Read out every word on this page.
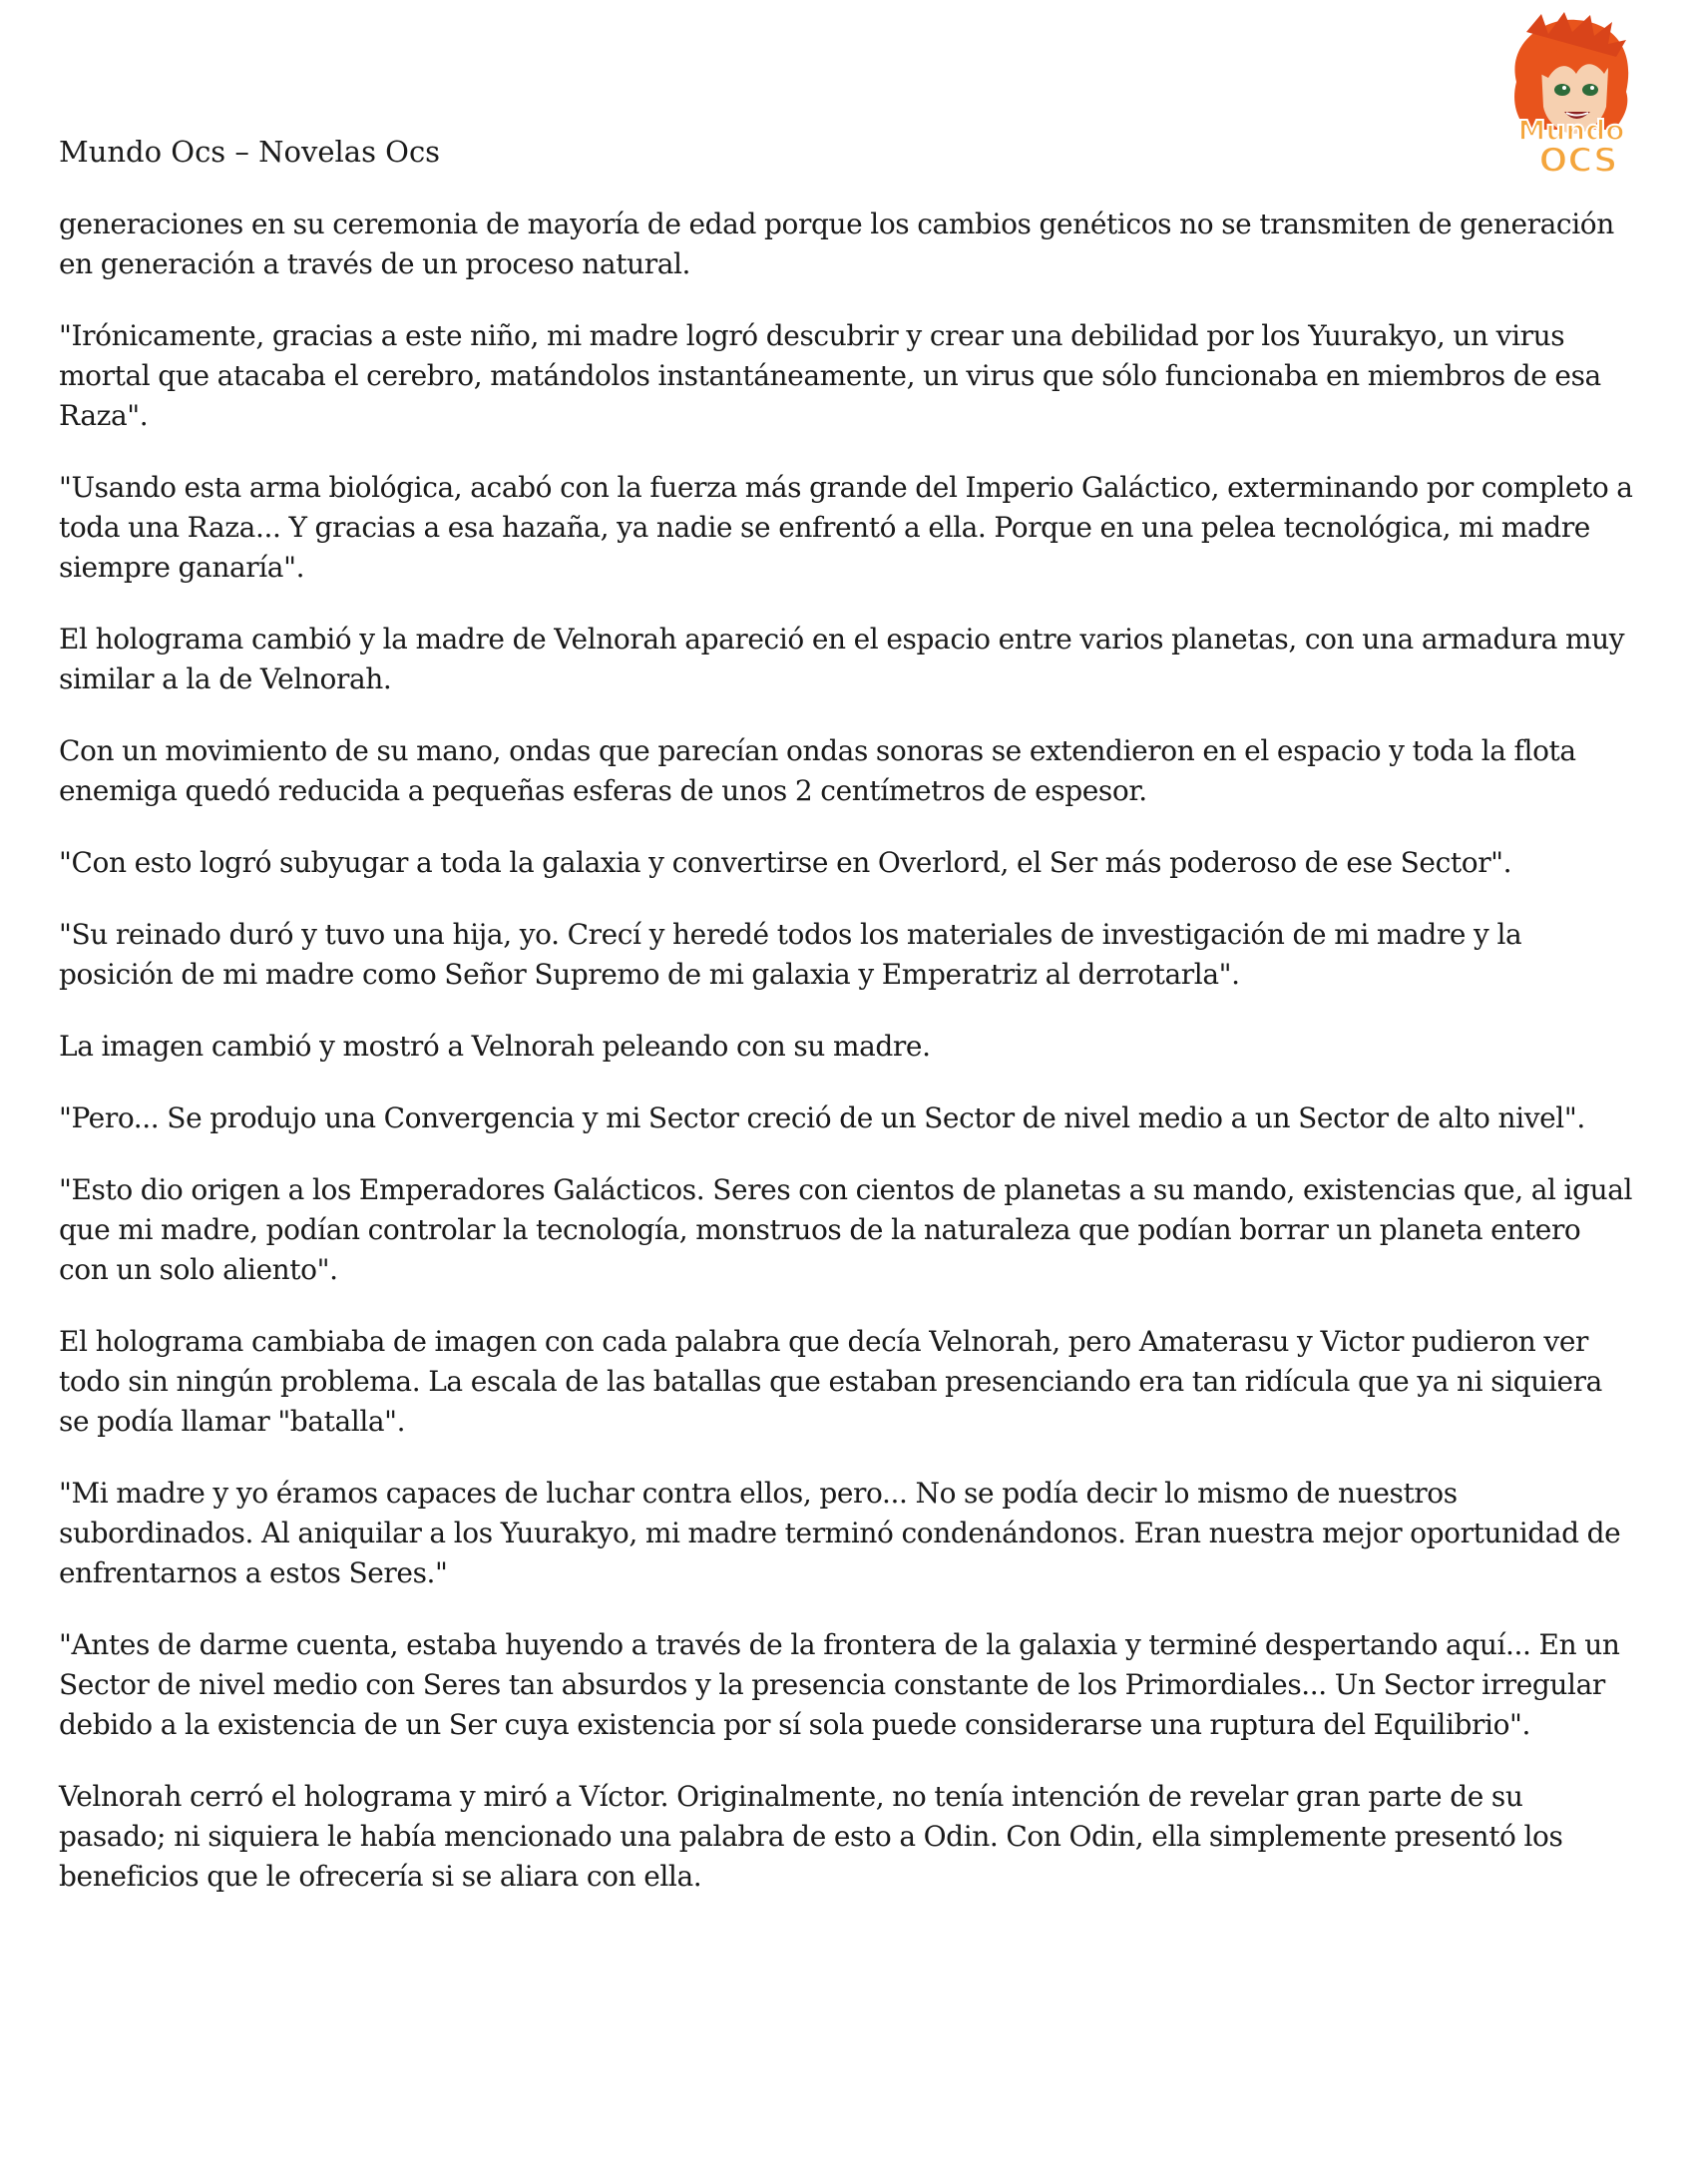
Mundo Ocs – Novelas Ocs
Mundo
OCS

generaciones en su ceremonia de mayoría de edad porque los cambios genéticos no se transmiten de generación en generación a través de un proceso natural.

"Irónicamente, gracias a este niño, mi madre logró descubrir y crear una debilidad por los Yuurakyo, un virus mortal que atacaba el cerebro, matándolos instantáneamente, un virus que sólo funcionaba en miembros de esa Raza".

"Usando esta arma biológica, acabó con la fuerza más grande del Imperio Galáctico, exterminando por completo a toda una Raza... Y gracias a esa hazaña, ya nadie se enfrentó a ella. Porque en una pelea tecnológica, mi madre siempre ganaría".

El holograma cambió y la madre de Velnorah apareció en el espacio entre varios planetas, con una armadura muy similar a la de Velnorah.

Con un movimiento de su mano, ondas que parecían ondas sonoras se extendieron en el espacio y toda la flota enemiga quedó reducida a pequeñas esferas de unos 2 centímetros de espesor.

"Con esto logró subyugar a toda la galaxia y convertirse en Overlord, el Ser más poderoso de ese Sector".

"Su reinado duró y tuvo una hija, yo. Crecí y heredé todos los materiales de investigación de mi madre y la posición de mi madre como Señor Supremo de mi galaxia y Emperatriz al derrotarla".

La imagen cambió y mostró a Velnorah peleando con su madre.

"Pero... Se produjo una Convergencia y mi Sector creció de un Sector de nivel medio a un Sector de alto nivel".

"Esto dio origen a los Emperadores Galácticos. Seres con cientos de planetas a su mando, existencias que, al igual que mi madre, podían controlar la tecnología, monstruos de la naturaleza que podían borrar un planeta entero con un solo aliento".

El holograma cambiaba de imagen con cada palabra que decía Velnorah, pero Amaterasu y Victor pudieron ver todo sin ningún problema. La escala de las batallas que estaban presenciando era tan ridícula que ya ni siquiera se podía llamar "batalla".

"Mi madre y yo éramos capaces de luchar contra ellos, pero... No se podía decir lo mismo de nuestros subordinados. Al aniquilar a los Yuurakyo, mi madre terminó condenándonos. Eran nuestra mejor oportunidad de enfrentarnos a estos Seres."

"Antes de darme cuenta, estaba huyendo a través de la frontera de la galaxia y terminé despertando aquí... En un Sector de nivel medio con Seres tan absurdos y la presencia constante de los Primordiales... Un Sector irregular debido a la existencia de un Ser cuya existencia por sí sola puede considerarse una ruptura del Equilibrio".

Velnorah cerró el holograma y miró a Víctor. Originalmente, no tenía intención de revelar gran parte de su pasado; ni siquiera le había mencionado una palabra de esto a Odin. Con Odin, ella simplemente presentó los beneficios que le ofrecería si se aliara con ella.
